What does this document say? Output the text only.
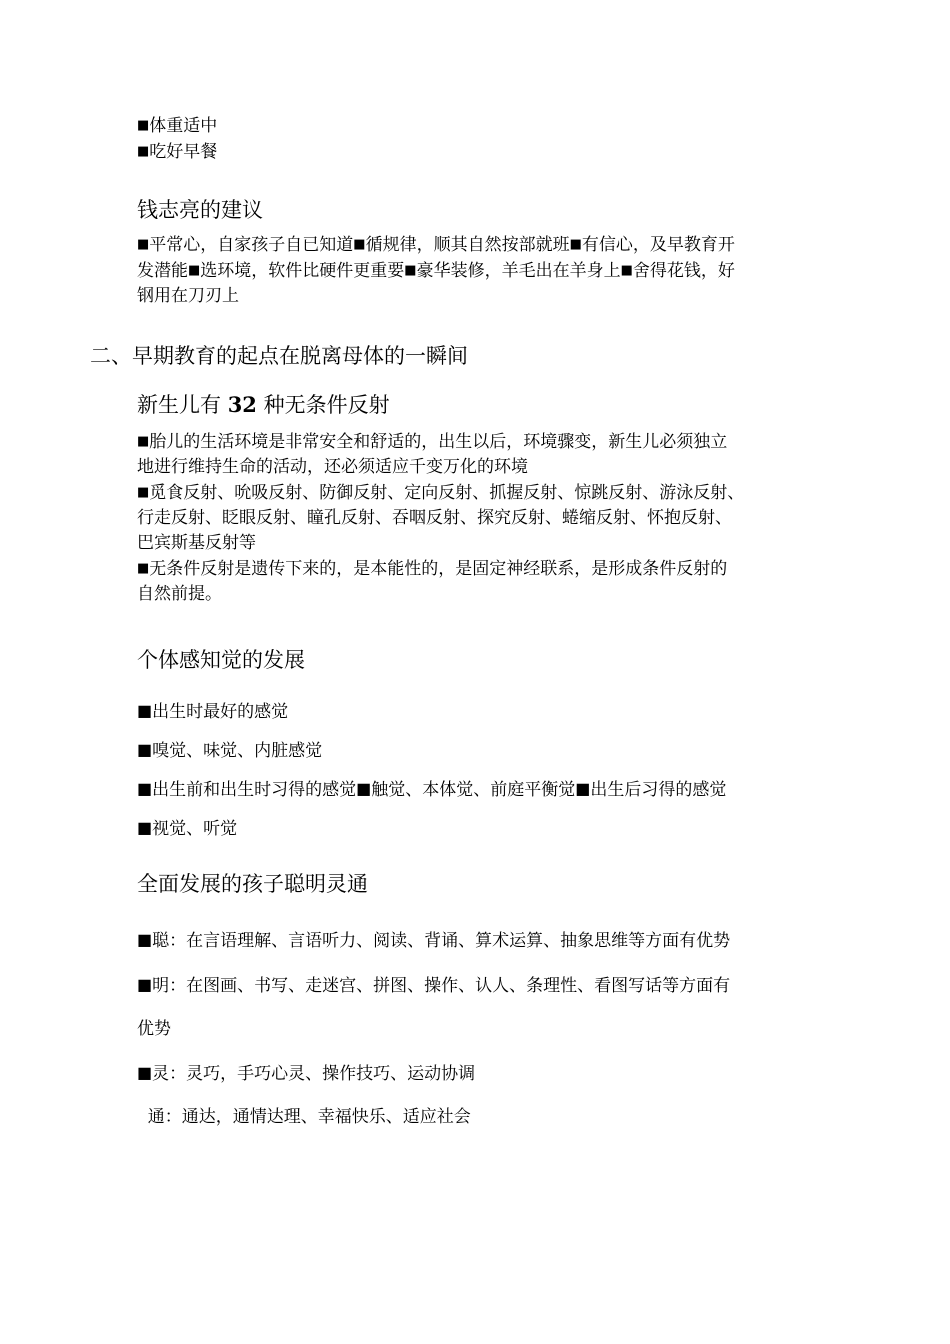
■体重适中
■吃好早餐
钱志亮的建议
■平常心，自家孩子自已知道■循规律，顺其自然按部就班■有信心，及早教育开
发潜能■选环境，软件比硬件更重要■豪华装修，羊毛出在羊身上■舍得花钱，好
钢用在刀刃上
二、早期教育的起点在脱离母体的一瞬间
新生儿有 32 种无条件反射
■胎儿的生活环境是非常安全和舒适的，出生以后，环境骤变，新生儿必须独立
地进行维持生命的活动，还必须适应千变万化的环境
■觅食反射、吮吸反射、防御反射、定向反射、抓握反射、惊跳反射、游泳反射、
行走反射、眨眼反射、瞳孔反射、吞咽反射、探究反射、蜷缩反射、怀抱反射、
巴宾斯基反射等
■无条件反射是遗传下来的，是本能性的，是固定神经联系，是形成条件反射的
自然前提。
个体感知觉的发展
■出生时最好的感觉
■嗅觉、味觉、内脏感觉
■出生前和出生时习得的感觉■触觉、本体觉、前庭平衡觉■出生后习得的感觉
■视觉、听觉
全面发展的孩子聪明灵通
■聪：在言语理解、言语听力、阅读、背诵、算术运算、抽象思维等方面有优势
■明：在图画、书写、走迷宫、拼图、操作、认人、条理性、看图写话等方面有
优势
■灵：灵巧，手巧心灵、操作技巧、运动协调
通：通达，通情达理、幸福快乐、适应社会
